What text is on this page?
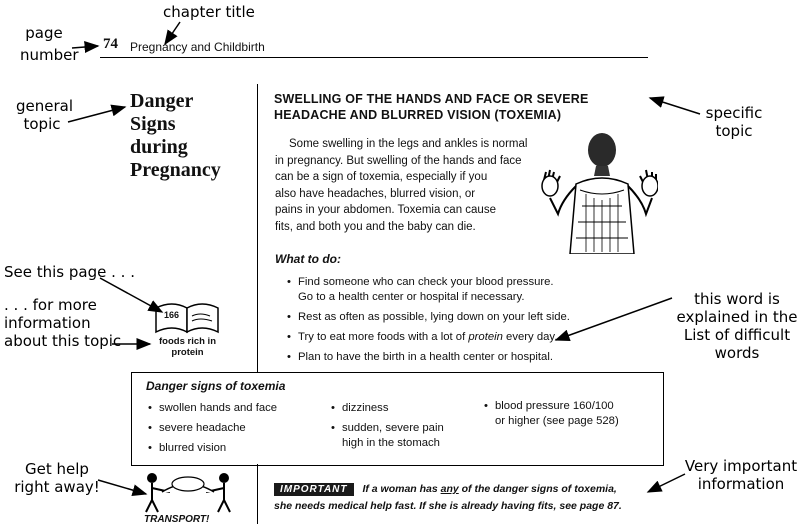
chapter title
page
number
general
topic
specific
topic
See this page . . .
. . . for more
information
about this topic
this word is
explained in the
List of difficult
words
Get help
right away!
Very important
information
74 Pregnancy and Childbirth
Danger
Signs
during
Pregnancy
166
foods rich in
protein
SWELLING OF THE HANDS AND FACE OR SEVERE
HEADACHE AND BLURRED VISION (TOXEMIA)
Some swelling in the legs and ankles is normal
in pregnancy. But swelling of the hands and face
can be a sign of toxemia, especially if you
also have headaches, blurred vision, or
pains in your abdomen. Toxemia can cause
fits, and both you and the baby can die.
What to do:
• Find someone who can check your blood pressure.
Go to a health center or hospital if necessary.
• Rest as often as possible, lying down on your left side.
• Try to eat more foods with a lot of protein every day.
• Plan to have the birth in a health center or hospital.
Danger signs of toxemia
• swollen hands and face
• severe headache
• blurred vision
• dizziness
• sudden, severe pain
high in the stomach
• blood pressure 160/100
or higher (see page 528)
TRANSPORT!
IMPORTANT If a woman has any of the danger signs of toxemia,
she needs medical help fast. If she is already having fits, see page 87.
